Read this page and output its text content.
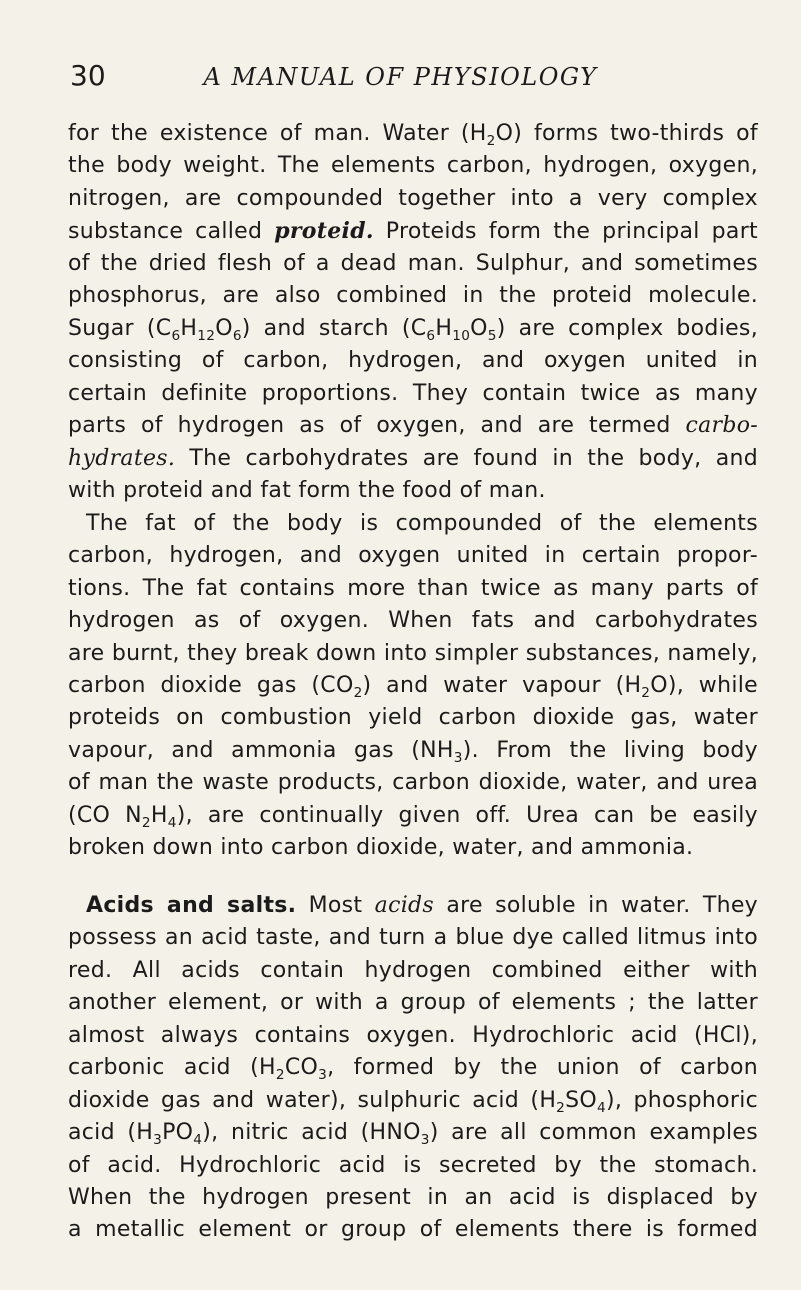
30	A MANUAL OF PHYSIOLOGY
for the existence of man. Water $(H_2O)$ forms two-thirds of
the body weight. The elements carbon, hydrogen, oxygen,
nitrogen, are compounded together into a very complex
substance called proteid. Proteids form the principal part
of the dried flesh of a dead man. Sulphur, and sometimes
phosphorus, are also combined in the proteid molecule.
Sugar $(C_6H_{12}O_6)$ and starch $(C_6H_{10}O_5)$ are complex bodies,
consisting of carbon, hydrogen, and oxygen united in
certain definite proportions. They contain twice as many
parts of hydrogen as of oxygen, and are termed carbo-
hydrates. The carbohydrates are found in the body, and
with proteid and fat form the food of man.
The fat of the body is compounded of the elements
carbon, hydrogen, and oxygen united in certain propor-
tions. The fat contains more than twice as many parts of
hydrogen as of oxygen. When fats and carbohydrates
are burnt, they break down into simpler substances, namely,
carbon dioxide gas $(CO_2)$ and water vapour $(H_2O)$, while
proteids on combustion yield carbon dioxide gas, water
vapour, and ammonia gas $(NH_3)$. From the living body
of man the waste products, carbon dioxide, water, and urea
(CO $N_2H_4$), are continually given off. Urea can be easily
broken down into carbon dioxide, water, and ammonia.
Acids and salts. Most acids are soluble in water. They
possess an acid taste, and turn a blue dye called litmus into
red. All acids contain hydrogen combined either with
another element, or with a group of elements ; the latter
almost always contains oxygen. Hydrochloric acid (HCl),
carbonic acid ($H_2CO_3$, formed by the union of carbon
dioxide gas and water), sulphuric acid $(H_2SO_4)$, phosphoric
acid $(H_3PO_4)$, nitric acid $(HNO_3)$ are all common examples
of acid. Hydrochloric acid is secreted by the stomach.
When the hydrogen present in an acid is displaced by
a metallic element or group of elements there is formed
